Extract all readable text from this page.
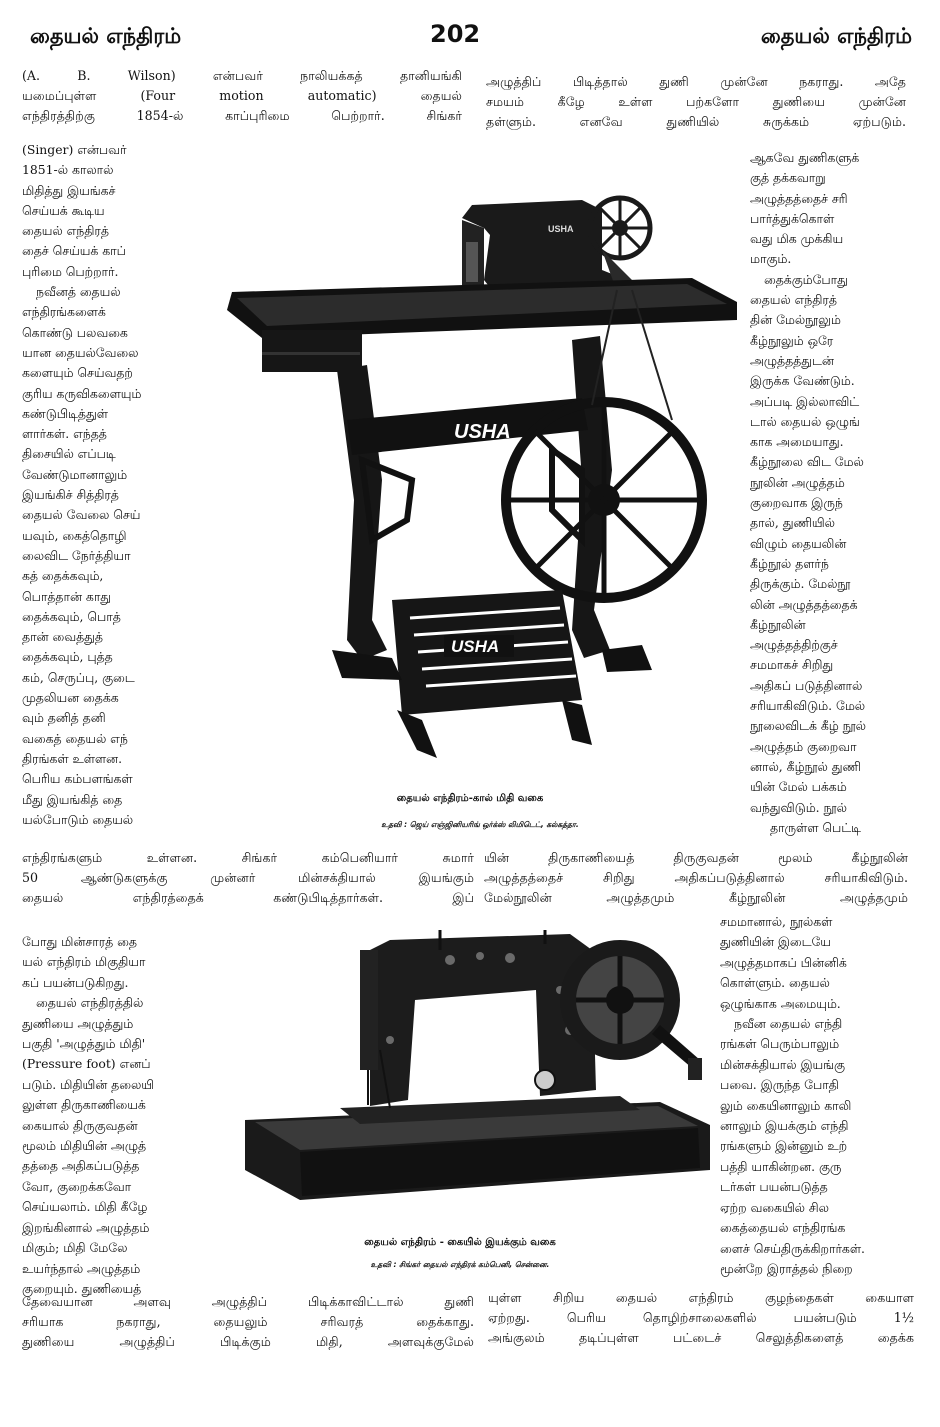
தையல் எந்திரம்	202	தையல் எந்திரம்

(A. B. Wilson) என்பவர் நாலியக்கத் தானியங்கி

யமைப்புள்ள (Four motion automatic) தையல்

எந்திரத்திற்கு 1854-ல் காப்புரிமை பெற்றார். சிங்கர்

அழுத்திப் பிடித்தால் துணி முன்னே நகராது. அதே

சமயம் கீழே உள்ள பற்களோ துணியை முன்னே

தள்ளும். எனவே துணியில் சுருக்கம் ஏற்படும்.

(Singer) என்பவர்

1851-ல் காலால்

மிதித்து இயங்கச்

செய்யக் கூடிய

தையல் எந்திரத்

தைச் செய்யக் காப்

புரிமை பெற்றார்.

நவீனத் தையல்

எந்திரங்களைக்

கொண்டு பலவகை

யான தையல்வேலை

களையும் செய்வதற்

குரிய கருவிகளையும்

கண்டுபிடித்துள்

ளார்கள். எந்தத்

திசையில் எப்படி

வேண்டுமானாலும்

இயங்கிச் சித்திரத்

தையல் வேலை செய்

யவும், கைத்தொழி

லைவிட நேர்த்தியா

கத் தைக்கவும்,

பொத்தான் காது

தைக்கவும், பொத்

தான் வைத்துத்

தைக்கவும், புத்த

கம், செருப்பு, குடை

முதலியன தைக்க

வும் தனித் தனி

வகைத் தையல் எந்

திரங்கள் உள்ளன.

பெரிய கம்பளங்கள்

மீது இயங்கித் தை

யல்போடும் தையல்

ஆகவே துணிகளுக்

குத் தக்கவாறு

அழுத்தத்தைச் சரி

பார்த்துக்கொள்

வது மிக முக்கிய

மாகும்.

தைக்கும்போது

தையல் எந்திரத்

தின் மேல்நூலும்

கீழ்நூலும் ஒரே

அழுத்தத்துடன்

இருக்க வேண்டும்.

அப்படி இல்லாவிட்

டால் தையல் ஒழுங்

காக அமையாது.

கீழ்நூலை விட மேல்

நூலின் அழுத்தம்

குறைவாக இருந்

தால், துணியில்

விழும் தையலின்

கீழ்நூல் தளர்ந்

திருக்கும். மேல்நூ

லின் அழுத்தத்தைக்

கீழ்நூலின்

அழுத்தத்திற்குச்

சமமாகச் சிறிது

அதிகப் படுத்தினால்

சரியாகிவிடும். மேல்

நூலைவிடக் கீழ் நூல்

அழுத்தம் குறைவா

னால், கீழ்நூல் துணி

யின் மேல் பக்கம்

வந்துவிடும். நூல்

தாருள்ள பெட்டி

USHA
USHA
USHA
தையல் எந்திரம்-கால் மிதி வகை
உதவி : ஜெய் எஞ்ஜினியரிங் ஒர்க்ஸ் லிமிடெட், கல்கத்தா.

எந்திரங்களும் உள்ளன. சிங்கர் கம்பெனியார் சுமார்

50 ஆண்டுகளுக்கு முன்னர் மின்சக்தியால் இயங்கும்

தையல் எந்திரத்தைக் கண்டுபிடித்தார்கள். இப்

யின் திருகாணியைத் திருகுவதன் மூலம் கீழ்நூலின்

அழுத்தத்தைச் சிறிது அதிகப்படுத்தினால் சரியாகிவிடும்.

மேல்நூலின் அழுத்தமும் கீழ்நூலின் அழுத்தமும்

போது மின்சாரத் தை

யல் எந்திரம் மிகுதியா

கப் பயன்படுகிறது.

தையல் எந்திரத்தில்

துணியை அழுத்தும்

பகுதி 'அழுத்தும் மிதி'

(Pressure foot) எனப்

படும். மிதியின் தலையி

லுள்ள திருகாணியைக்

கையால் திருகுவதன்

மூலம் மிதியின் அழுத்

தத்தை அதிகப்படுத்த

வோ, குறைக்கவோ

செய்யலாம். மிதி கீழே

இறங்கினால் அழுத்தம்

மிகும்; மிதி மேலே

உயர்ந்தால் அழுத்தம்

குறையும். துணியைத்

சமமானால், நூல்கள்

துணியின் இடையே

அழுத்தமாகப் பின்னிக்

கொள்ளும். தையல்

ஒழுங்காக அமையும்.

நவீன தையல் எந்தி

ரங்கள் பெரும்பாலும்

மின்சக்தியால் இயங்கு

பவை. இருந்த போதி

லும் கையினாலும் காலி

னாலும் இயக்கும் எந்தி

ரங்களும் இன்னும் உற்

பத்தி யாகின்றன. குரு

டர்கள் பயன்படுத்த

ஏற்ற வகையில் சில

கைத்தையல் எந்திரங்க

ளைச் செய்திருக்கிறார்கள்.

மூன்றே இராத்தல் நிறை

தையல் எந்திரம் - கையில் இயக்கும் வகை
உதவி : சிங்கர் தையல் எந்திரக் கம்பெனி, சென்னை.

தேவையான அளவு அழுத்திப் பிடிக்காவிட்டால் துணி

சரியாக நகராது, தையலும் சரிவரத் தைக்காது.

துணியை அழுத்திப் பிடிக்கும் மிதி, அளவுக்குமேல்

யுள்ள சிறிய தையல் எந்திரம் குழந்தைகள் கையாள

ஏற்றது. பெரிய தொழிற்சாலைகளில் பயன்படும் 1½

அங்குலம் தடிப்புள்ள பட்டைச் செலுத்திகளைத் தைக்க
